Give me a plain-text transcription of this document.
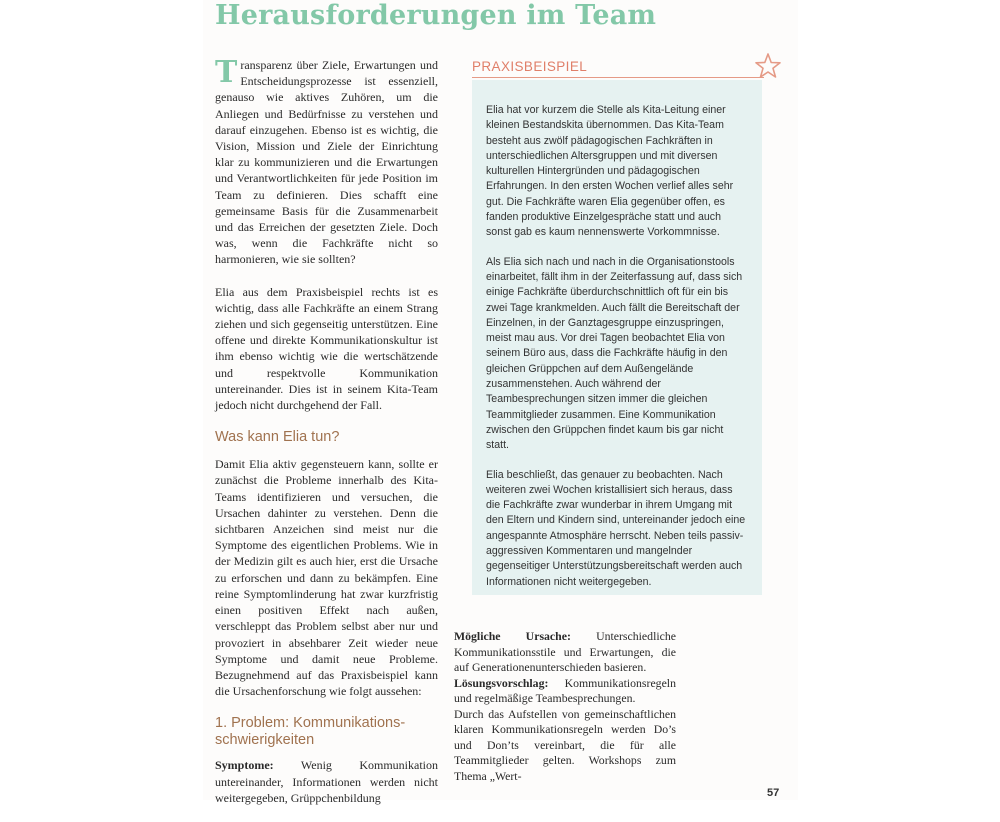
Herausforderungen im Team

Transparenz über Ziele, Erwartungen und Entscheidungsprozesse ist essenziell, genauso wie aktives Zuhören, um die Anliegen und Bedürfnisse zu verstehen und darauf einzugehen. Ebenso ist es wichtig, die Vision, Mission und Ziele der Einrichtung klar zu kommunizieren und die Erwartungen und Verantwortlichkeiten für jede Position im Team zu definieren. Dies schafft eine gemeinsame Basis für die Zusammenarbeit und das Erreichen der gesetzten Ziele. Doch was, wenn die Fachkräfte nicht so harmonieren, wie sie sollten?

Elia aus dem Praxisbeispiel rechts ist es wichtig, dass alle Fachkräfte an einem Strang ziehen und sich gegenseitig unterstützen. Eine offene und direkte Kommunikationskultur ist ihm ebenso wichtig wie die wertschätzende und respektvolle Kommunikation untereinander. Dies ist in seinem Kita-Team jedoch nicht durchgehend der Fall.

Was kann Elia tun?

Damit Elia aktiv gegensteuern kann, sollte er zunächst die Probleme innerhalb des Kita-Teams identifizieren und versuchen, die Ursachen dahinter zu verstehen. Denn die sichtbaren Anzeichen sind meist nur die Symptome des eigentlichen Problems. Wie in der Medizin gilt es auch hier, erst die Ursache zu erforschen und dann zu bekämpfen. Eine reine Symptomlinderung hat zwar kurzfristig einen positiven Effekt nach außen, verschleppt das Problem selbst aber nur und provoziert in absehbarer Zeit wieder neue Symptome und damit neue Probleme. Bezugnehmend auf das Praxisbeispiel kann die Ursachenforschung wie folgt aussehen:

1. Problem: Kommunikations-schwierigkeiten

Symptome: Wenig Kommunikation untereinander, Informationen werden nicht weitergegeben, Grüppchenbildung

PRAXISBEISPIEL

Elia hat vor kurzem die Stelle als Kita-Leitung einer kleinen Bestandskita übernommen. Das Kita-Team besteht aus zwölf pädagogischen Fachkräften in unterschiedlichen Altersgruppen und mit diversen kulturellen Hintergründen und pädagogischen Erfahrungen. In den ersten Wochen verlief alles sehr gut. Die Fachkräfte waren Elia gegenüber offen, es fanden produktive Einzelgespräche statt und auch sonst gab es kaum nennenswerte Vorkommnisse.

Als Elia sich nach und nach in die Organisationstools einarbeitet, fällt ihm in der Zeiterfassung auf, dass sich einige Fachkräfte überdurchschnittlich oft für ein bis zwei Tage krankmelden. Auch fällt die Bereitschaft der Einzelnen, in der Ganztagesgruppe einzuspringen, meist mau aus. Vor drei Tagen beobachtet Elia von seinem Büro aus, dass die Fachkräfte häufig in den gleichen Grüppchen auf dem Außengelände zusammenstehen. Auch während der Teambesprechungen sitzen immer die gleichen Teammitglieder zusammen. Eine Kommunikation zwischen den Grüppchen findet kaum bis gar nicht statt.

Elia beschließt, das genauer zu beobachten. Nach weiteren zwei Wochen kristallisiert sich heraus, dass die Fachkräfte zwar wunderbar in ihrem Umgang mit den Eltern und Kindern sind, untereinander jedoch eine angespannte Atmosphäre herrscht. Neben teils passiv-aggressiven Kommentaren und mangelnder gegenseitiger Unterstützungsbereitschaft werden auch Informationen nicht weitergegeben.

Mögliche Ursache: Unterschiedliche Kommunikationsstile und Erwartungen, die auf Generationenunterschieden basieren.

Lösungsvorschlag: Kommunikationsregeln und regelmäßige Teambesprechungen.

Durch das Aufstellen von gemeinschaftlichen klaren Kommunikationsregeln werden Do’s und Don’ts vereinbart, die für alle Teammitglieder gelten. Workshops zum Thema „Wert-

57
